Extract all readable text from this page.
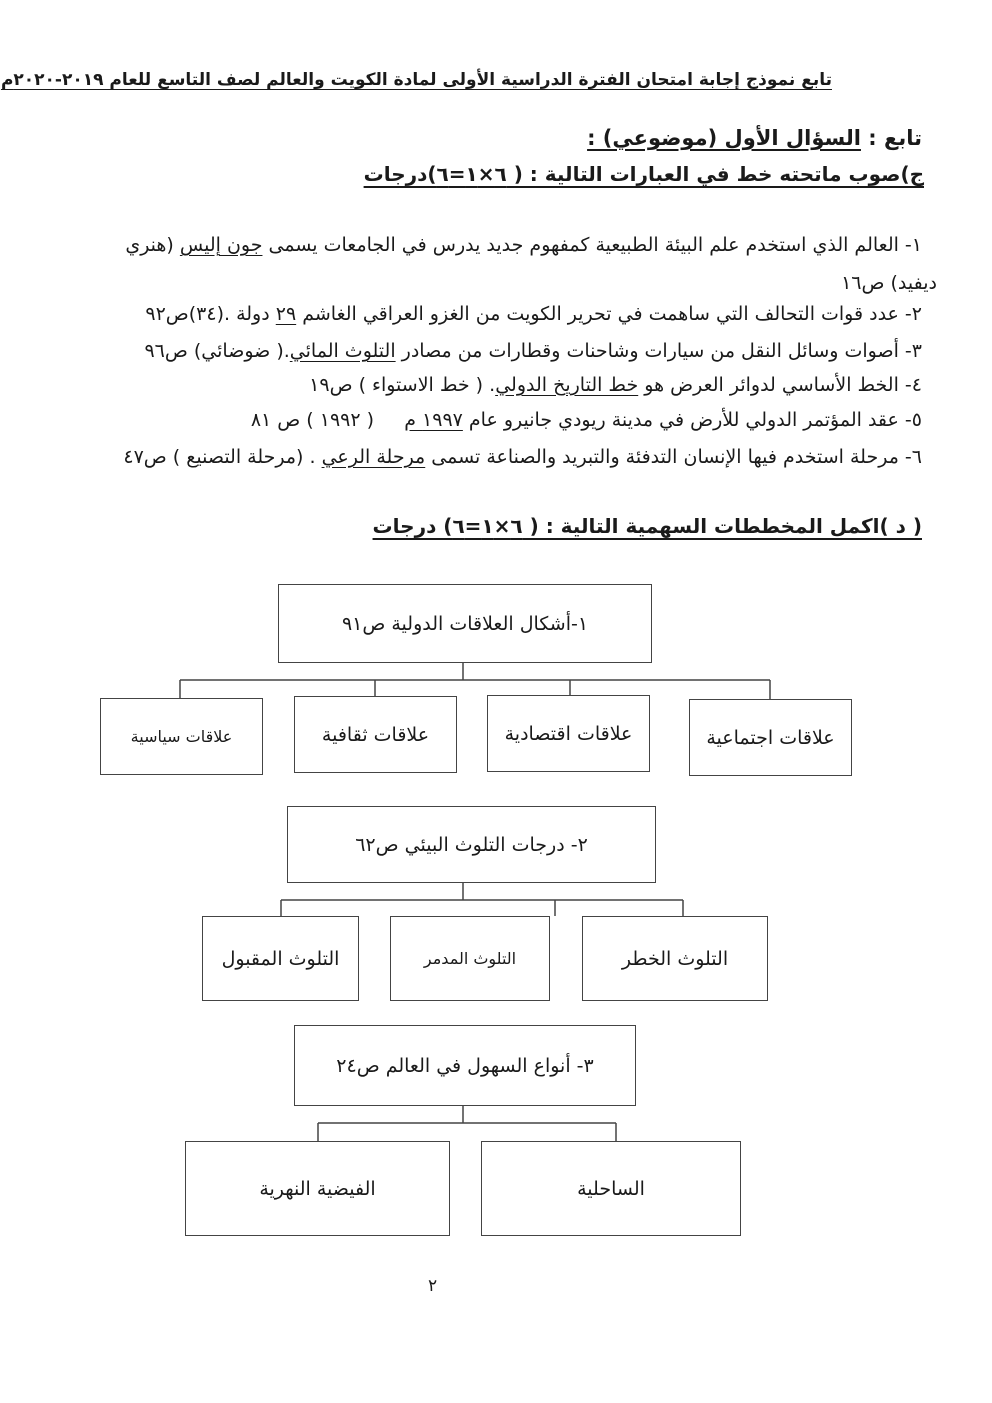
تابع نموذج إجابة امتحان الفترة الدراسية الأولى لمادة الكويت والعالم لصف التاسع للعام ٢٠١٩-٢٠٢٠م
تابع : السؤال الأول (موضوعي) :
ج)صوب ماتحته خط في العبارات التالية : ( ٦×١=٦)درجات
١- العالم الذي استخدم علم البيئة الطبيعية كمفهوم جديد يدرس في الجامعات يسمى جون إليس (هنري
ديفيد) ص١٦
٢- عدد قوات التحالف التي ساهمت في تحرير الكويت من الغزو العراقي الغاشم ٢٩ دولة .(٣٤)ص٩٢
٣- أصوات وسائل النقل من سيارات وشاحنات وقطارات من مصادر التلوث المائي.( ضوضائي) ص٩٦
٤- الخط الأساسي لدوائر العرض هو خط التاريخ الدولي. ( خط الاستواء ) ص١٩
٥- عقد المؤتمر الدولي للأرض في مدينة ريودي جانيرو عام ١٩٩٧ م     ( ١٩٩٢ ) ص ٨١
٦- مرحلة استخدم فيها الإنسان التدفئة والتبريد والصناعة تسمى مرحلة الرعي . (مرحلة التصنيع ) ص٤٧
( د )اكمل المخططات السهمية التالية : ( ٦×١=٦) درجات
١-أشكال العلاقات الدولية ص٩١
علاقات اجتماعية
علاقات اقتصادية
علاقات ثقافية
علاقات سياسية
٢- درجات التلوث البيئي ص٦٢
التلوث الخطر
التلوث المدمر
التلوث المقبول
٣- أنواع السهول في العالم ص٢٤
الساحلية
الفيضية النهرية
٢
